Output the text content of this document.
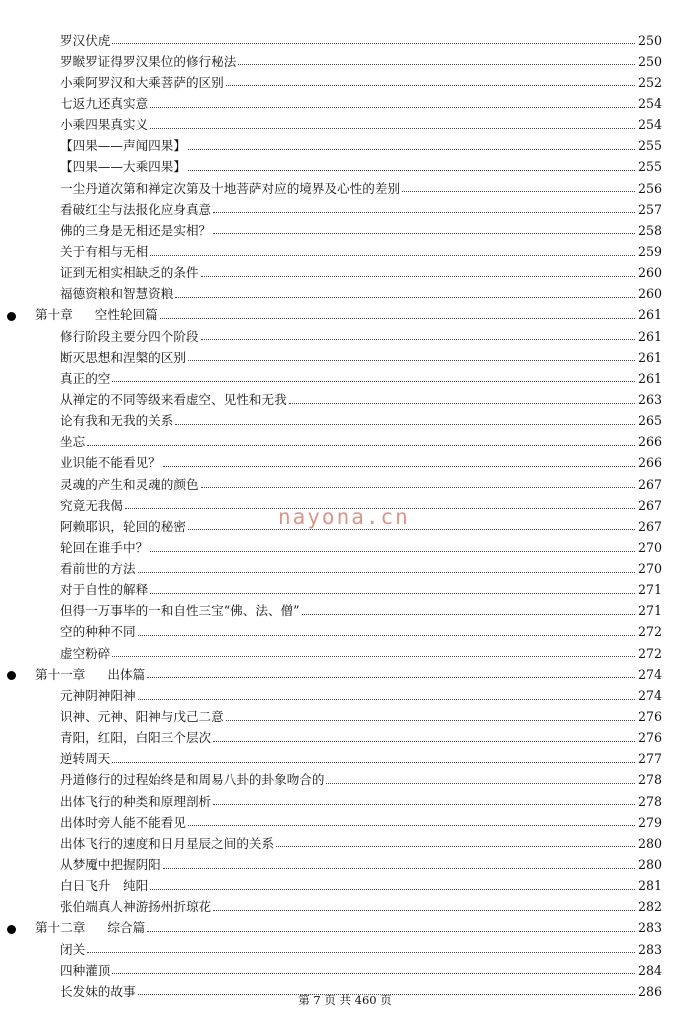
罗汉伏虎	250
罗睺罗证得罗汉果位的修行秘法	250
小乘阿罗汉和大乘菩萨的区别	252
七返九还真实意	254
小乘四果真实义	254
【四果——声闻四果】	255
【四果——大乘四果】	255
一尘丹道次第和禅定次第及十地菩萨对应的境界及心性的差别	256
看破红尘与法报化应身真意	257
佛的三身是无相还是实相？	258
关于有相与无相	259
证到无相实相缺乏的条件	260
福德资粮和智慧资粮	260
第十章 空性轮回篇	261
修行阶段主要分四个阶段	261
断灭思想和涅槃的区别	261
真正的空	261
从禅定的不同等级来看虚空、见性和无我	263
论有我和无我的关系	265
坐忘	266
业识能不能看见？	266
灵魂的产生和灵魂的颜色	267
究竟无我偈	267
阿赖耶识，轮回的秘密	267
轮回在谁手中？	270
看前世的方法	270
对于自性的解释	271
但得一万事毕的一和自性三宝“佛、法、僧”	271
空的种种不同	272
虚空粉碎	272
第十一章 出体篇	274
元神阴神阳神	274
识神、元神、阳神与戊己二意	276
青阳，红阳，白阳三个层次	276
逆转周天	277
丹道修行的过程始终是和周易八卦的卦象吻合的	278
出体飞行的种类和原理剖析	278
出体时旁人能不能看见	279
出体飞行的速度和日月星辰之间的关系	280
从梦魇中把握阴阳	280
白日飞升　纯阳	281
张伯端真人神游扬州折琼花	282
第十二章 综合篇	283
闭关	283
四种灌顶	284
长发妹的故事	286
nayona.cn
第 7 页 共 460 页
